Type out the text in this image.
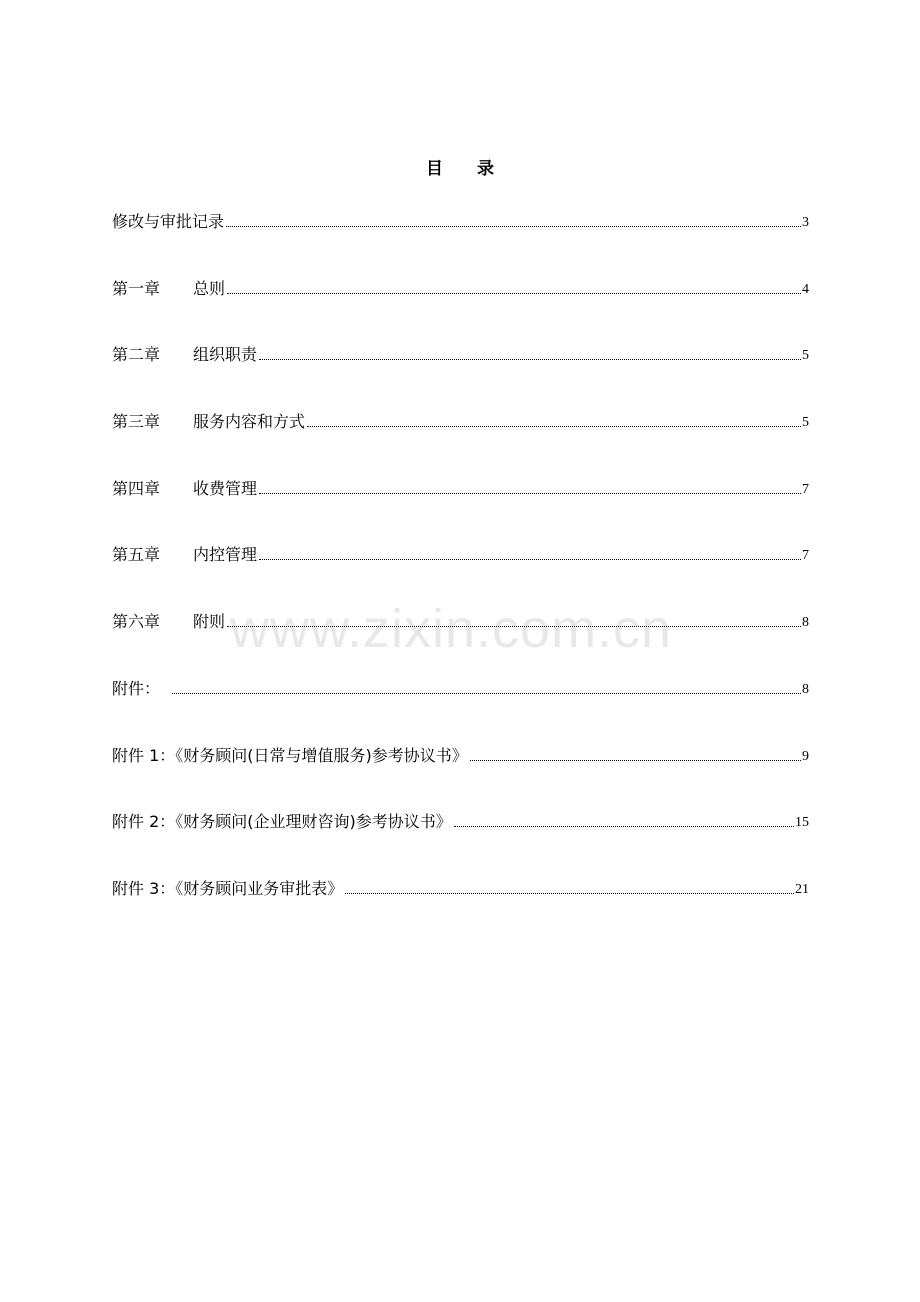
目 录
修改与审批记录	3
第一章 总则	4
第二章 组织职责	5
第三章 服务内容和方式	5
第四章 收费管理	7
第五章 内控管理	7
第六章 附则	8
附件：	8
附件 1：《财务顾问(日常与增值服务)参考协议书》	9
附件 2：《财务顾问(企业理财咨询)参考协议书》	15
附件 3：《财务顾问业务审批表》	21
www.zixin.com.cn
